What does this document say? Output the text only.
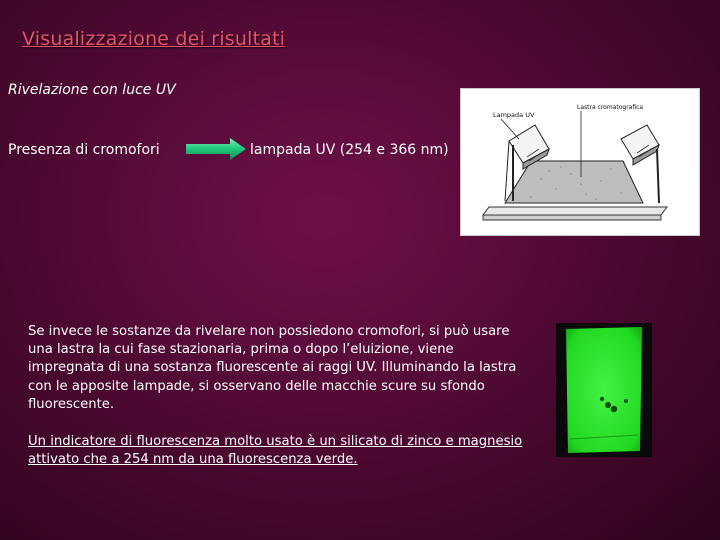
Visualizzazione dei risultati
Rivelazione con luce UV
Presenza di cromofori	lampada UV (254 e 366 nm)
Lampada UV
Lastra cromatografica
Se invece le sostanze da rivelare non possiedono cromofori, si può usare una lastra la cui fase stazionaria, prima o dopo l’eluizione, viene impregnata di una sostanza fluorescente ai raggi UV. Illuminando la lastra con le apposite lampade, si osservano delle macchie scure su sfondo fluorescente.
Un indicatore di fluorescenza molto usato è un silicato di zinco e magnesio attivato che a 254 nm da una fluorescenza verde.
